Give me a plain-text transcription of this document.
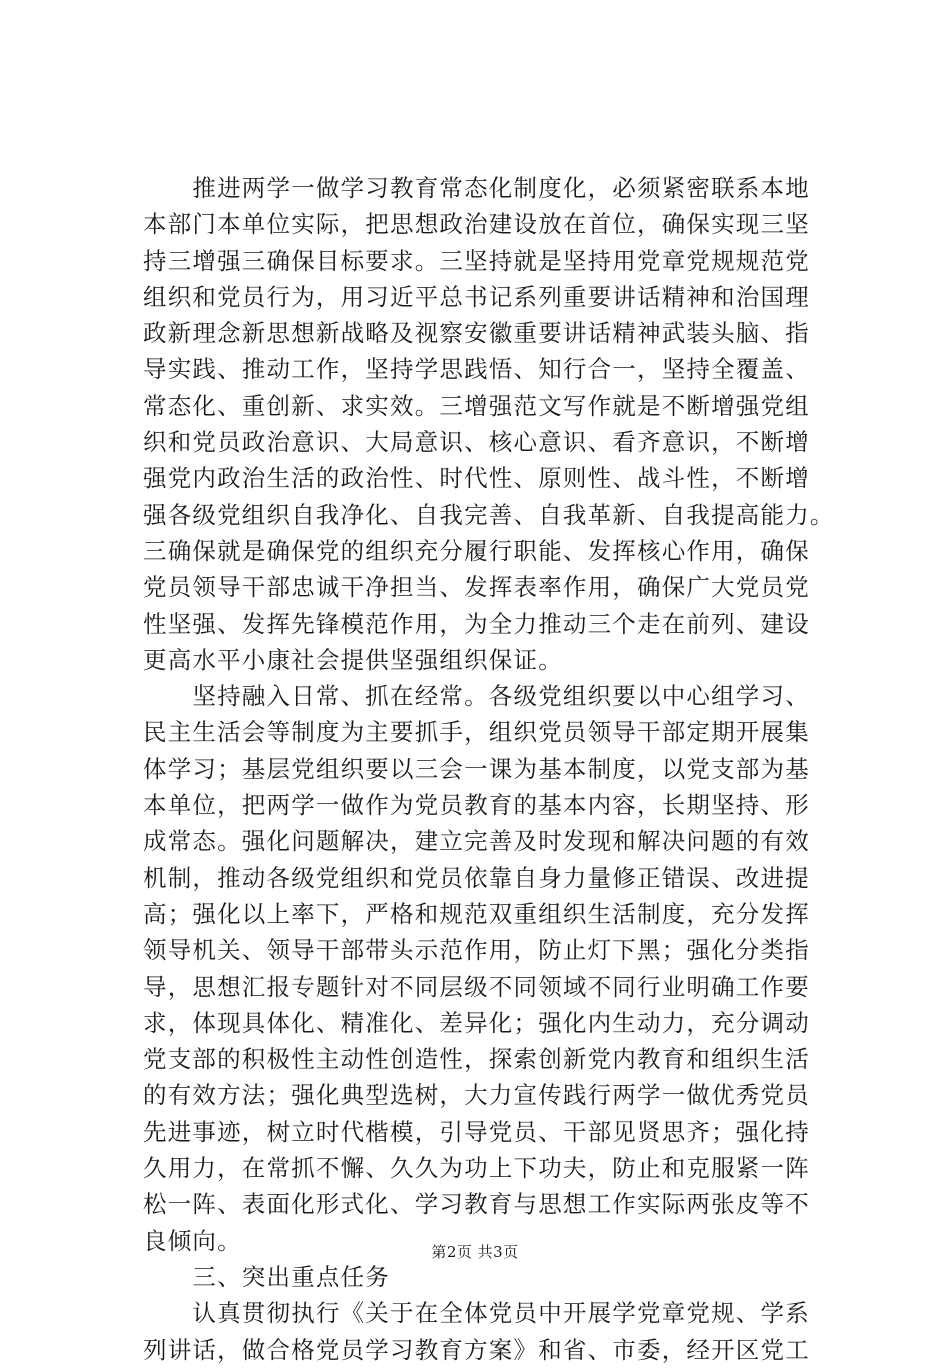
　　推进两学一做学习教育常态化制度化，必须紧密联系本地
本部门本单位实际，把思想政治建设放在首位，确保实现三坚
持三增强三确保目标要求。三坚持就是坚持用党章党规规范党
组织和党员行为，用习近平总书记系列重要讲话精神和治国理
政新理念新思想新战略及视察安徽重要讲话精神武装头脑、指
导实践、推动工作，坚持学思践悟、知行合一，坚持全覆盖、
常态化、重创新、求实效。三增强范文写作就是不断增强党组
织和党员政治意识、大局意识、核心意识、看齐意识，不断增
强党内政治生活的政治性、时代性、原则性、战斗性，不断增
强各级党组织自我净化、自我完善、自我革新、自我提高能力。
三确保就是确保党的组织充分履行职能、发挥核心作用，确保
党员领导干部忠诚干净担当、发挥表率作用，确保广大党员党
性坚强、发挥先锋模范作用，为全力推动三个走在前列、建设
更高水平小康社会提供坚强组织保证。
　　坚持融入日常、抓在经常。各级党组织要以中心组学习、
民主生活会等制度为主要抓手，组织党员领导干部定期开展集
体学习；基层党组织要以三会一课为基本制度，以党支部为基
本单位，把两学一做作为党员教育的基本内容，长期坚持、形
成常态。强化问题解决，建立完善及时发现和解决问题的有效
机制，推动各级党组织和党员依靠自身力量修正错误、改进提
高；强化以上率下，严格和规范双重组织生活制度，充分发挥
领导机关、领导干部带头示范作用，防止灯下黑；强化分类指
导，思想汇报专题针对不同层级不同领域不同行业明确工作要
求，体现具体化、精准化、差异化；强化内生动力，充分调动
党支部的积极性主动性创造性，探索创新党内教育和组织生活
的有效方法；强化典型选树，大力宣传践行两学一做优秀党员
先进事迹，树立时代楷模，引导党员、干部见贤思齐；强化持
久用力，在常抓不懈、久久为功上下功夫，防止和克服紧一阵
松一阵、表面化形式化、学习教育与思想工作实际两张皮等不
良倾向。
　　三、突出重点任务
　　认真贯彻执行《关于在全体党员中开展学党章党规、学系
列讲话，做合格党员学习教育方案》和省、市委，经开区党工
第2页 共3页
